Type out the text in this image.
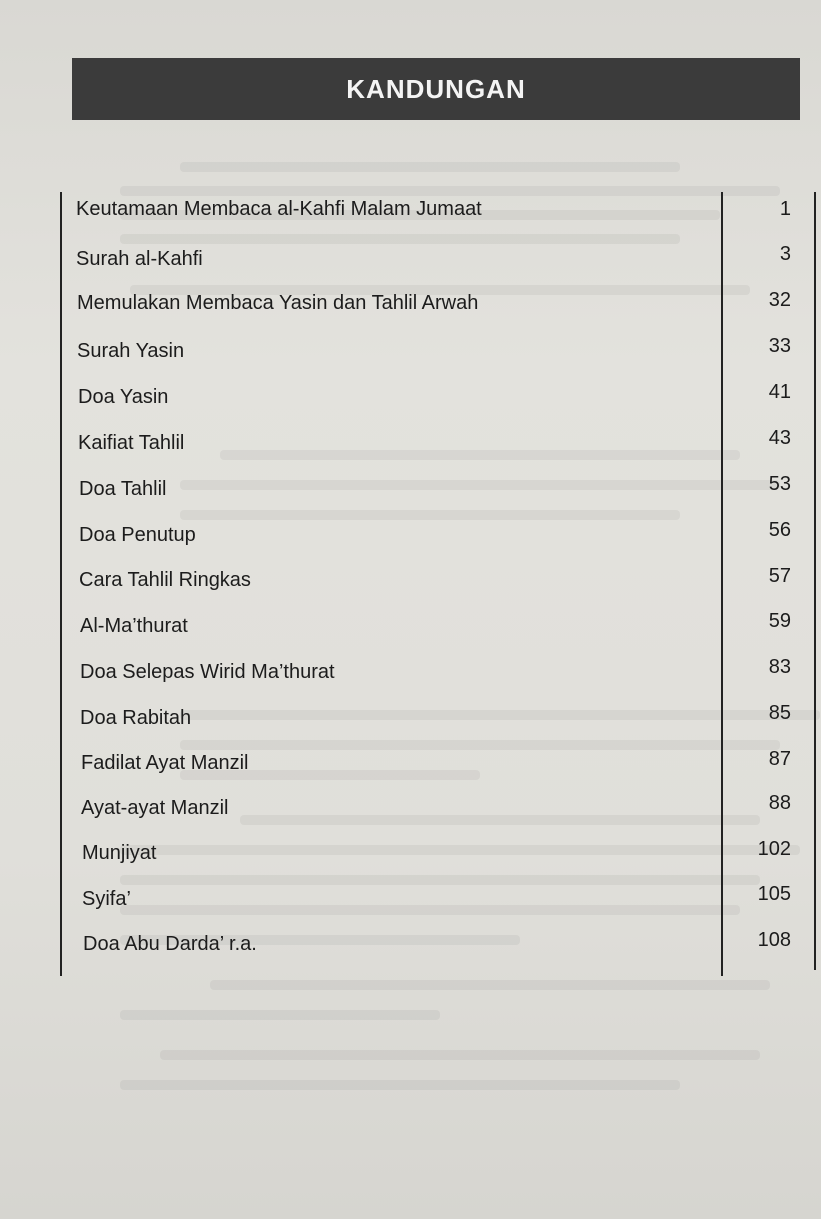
KANDUNGAN
Keutamaan Membaca al-Kahfi Malam Jumaat	1
Surah al-Kahfi	3
Memulakan Membaca Yasin dan Tahlil Arwah	32
Surah Yasin	33
Doa Yasin	41
Kaifiat Tahlil	43
Doa Tahlil	53
Doa Penutup	56
Cara Tahlil Ringkas	57
Al-Ma’thurat	59
Doa Selepas Wirid Ma’thurat	83
Doa Rabitah	85
Fadilat Ayat Manzil	87
Ayat-ayat Manzil	88
Munjiyat	102
Syifa’	105
Doa Abu Darda’ r.a.	108
